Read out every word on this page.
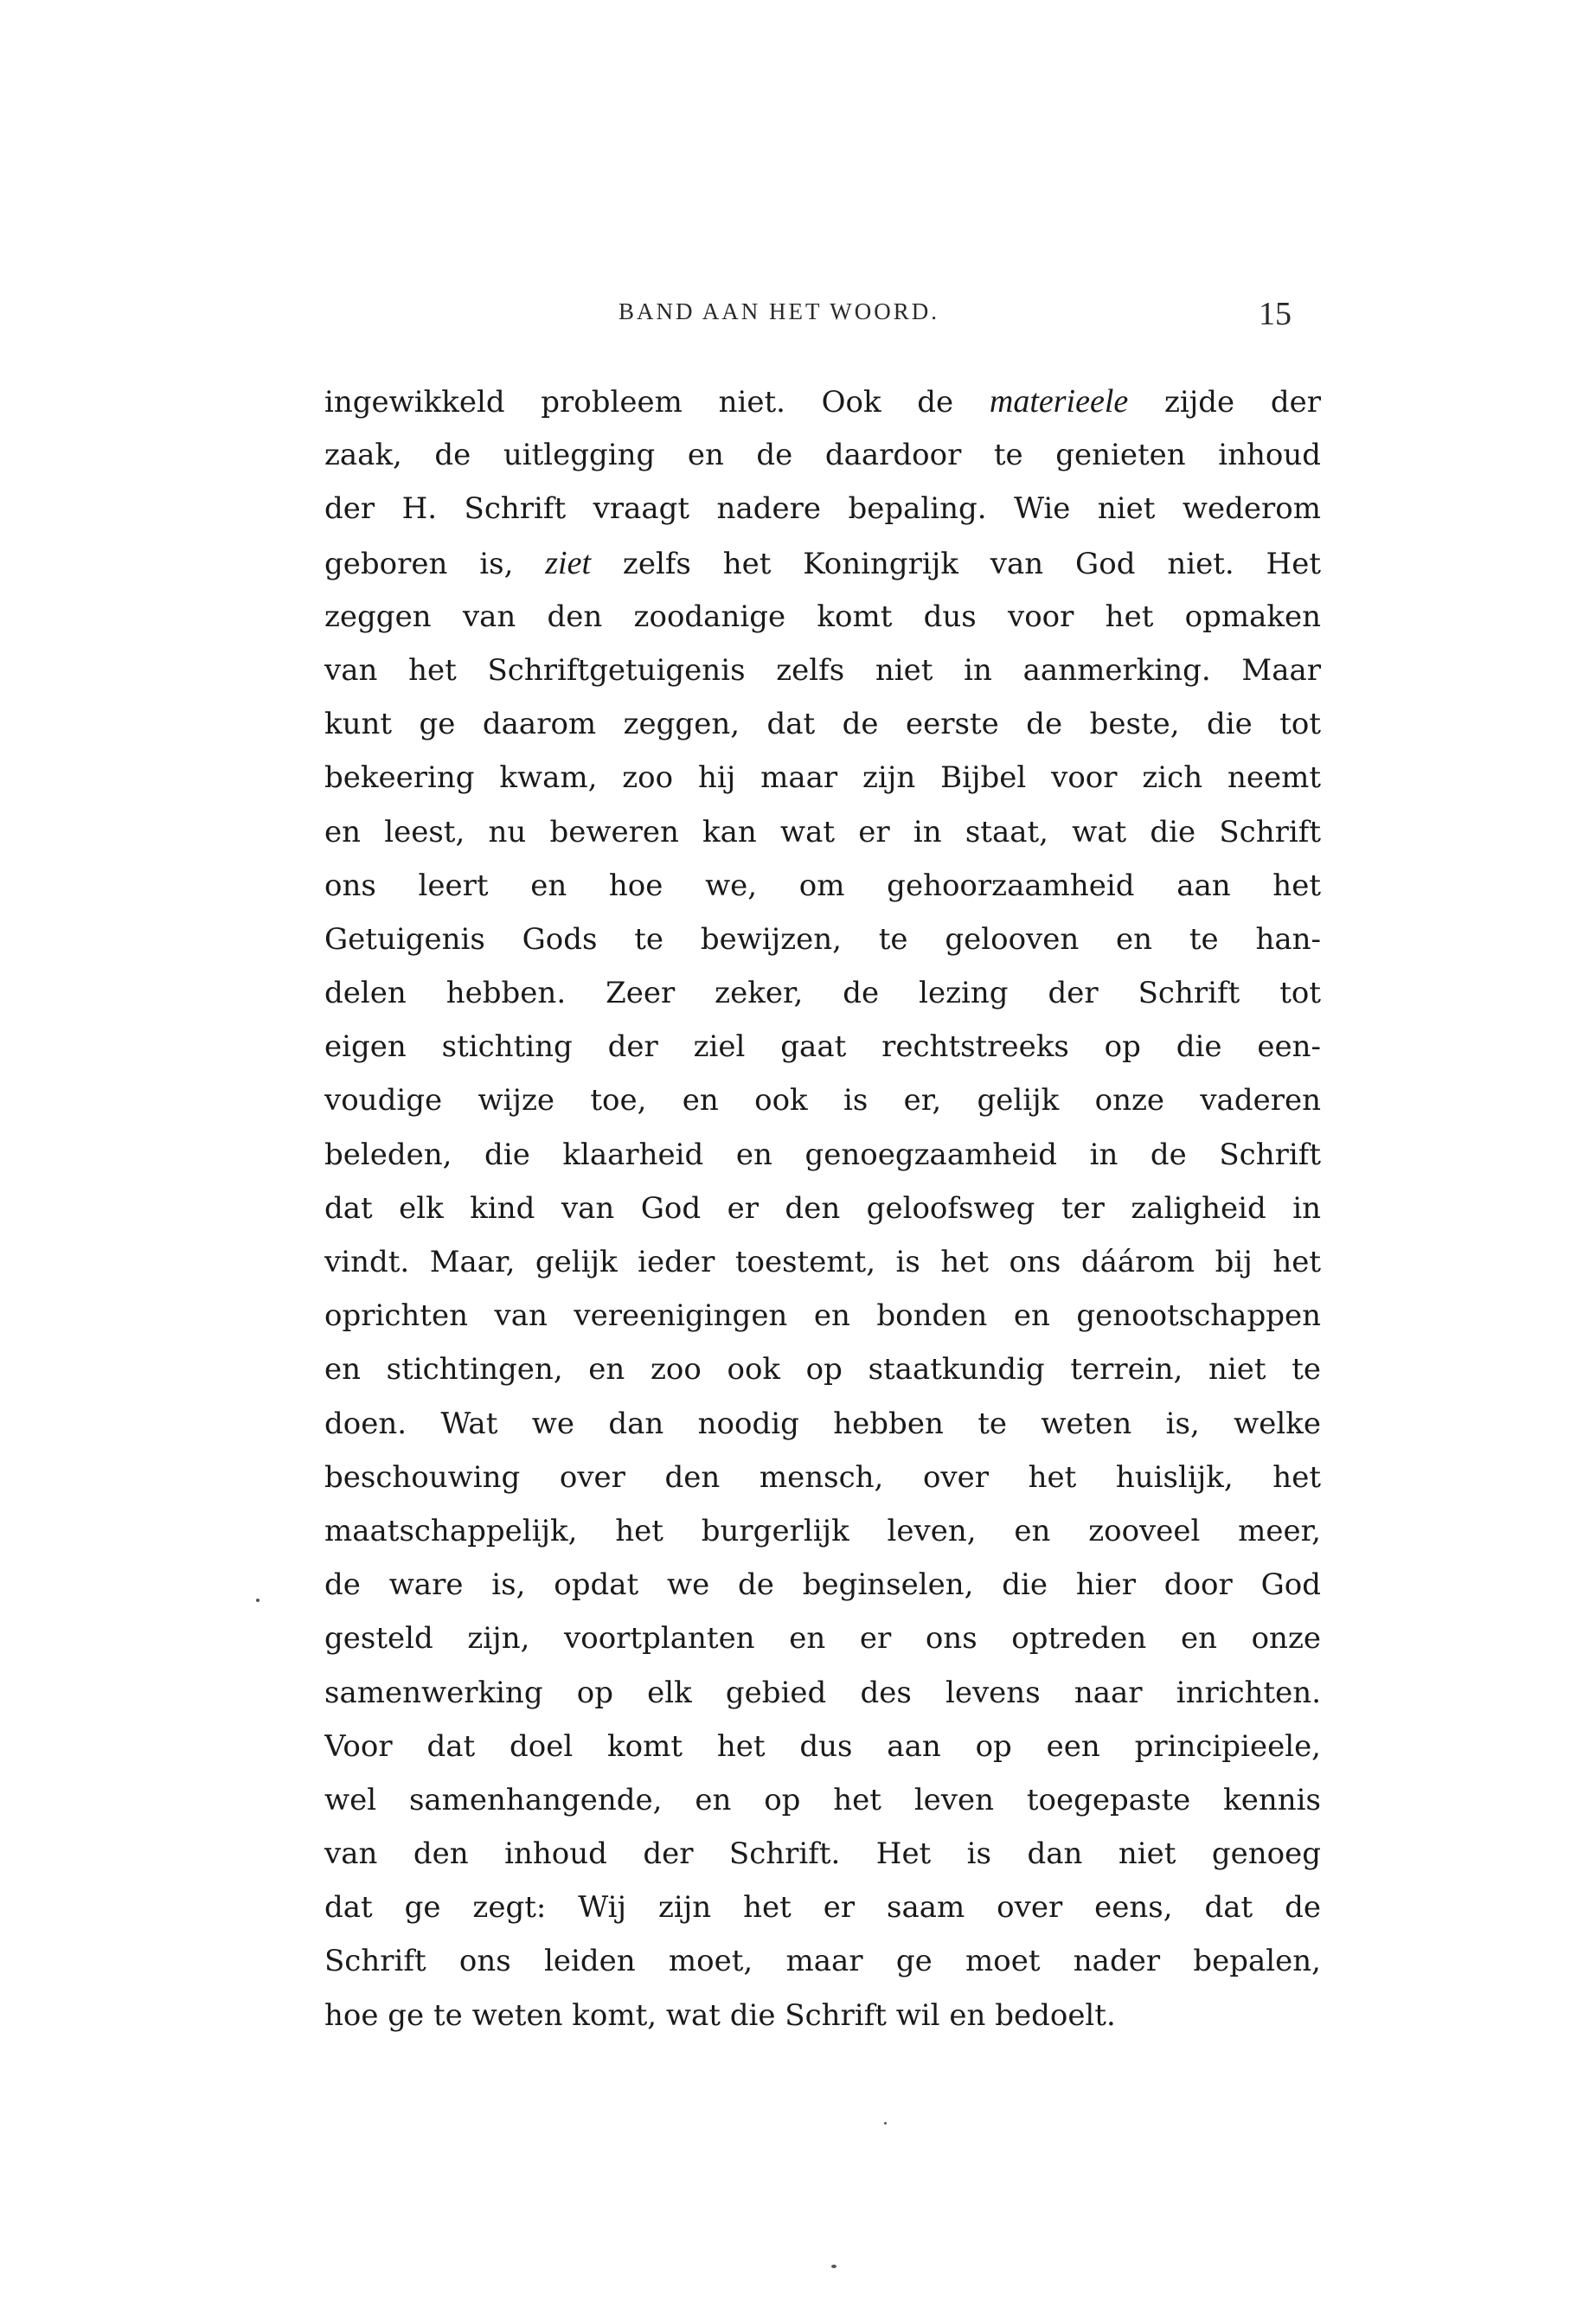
BAND AAN HET WOORD.	15
ingewikkeld probleem niet. Ook de materieele zijde der
zaak, de uitlegging en de daardoor te genieten inhoud
der H. Schrift vraagt nadere bepaling. Wie niet wederom
geboren is, ziet zelfs het Koningrijk van God niet. Het
zeggen van den zoodanige komt dus voor het opmaken
van het Schriftgetuigenis zelfs niet in aanmerking. Maar
kunt ge daarom zeggen, dat de eerste de beste, die tot
bekeering kwam, zoo hij maar zijn Bijbel voor zich neemt
en leest, nu beweren kan wat er in staat, wat die Schrift
ons leert en hoe we, om gehoorzaamheid aan het
Getuigenis Gods te bewijzen, te gelooven en te han-
delen hebben. Zeer zeker, de lezing der Schrift tot
eigen stichting der ziel gaat rechtstreeks op die een-
voudige wijze toe, en ook is er, gelijk onze vaderen
beleden, die klaarheid en genoegzaamheid in de Schrift
dat elk kind van God er den geloofsweg ter zaligheid in
vindt. Maar, gelijk ieder toestemt, is het ons dáárom bij het
oprichten van vereenigingen en bonden en genootschappen
en stichtingen, en zoo ook op staatkundig terrein, niet te
doen. Wat we dan noodig hebben te weten is, welke
beschouwing over den mensch, over het huislijk, het
maatschappelijk, het burgerlijk leven, en zooveel meer,
de ware is, opdat we de beginselen, die hier door God
gesteld zijn, voortplanten en er ons optreden en onze
samenwerking op elk gebied des levens naar inrichten.
Voor dat doel komt het dus aan op een principieele,
wel samenhangende, en op het leven toegepaste kennis
van den inhoud der Schrift. Het is dan niet genoeg
dat ge zegt: Wij zijn het er saam over eens, dat de
Schrift ons leiden moet, maar ge moet nader bepalen,
hoe ge te weten komt, wat die Schrift wil en bedoelt.
